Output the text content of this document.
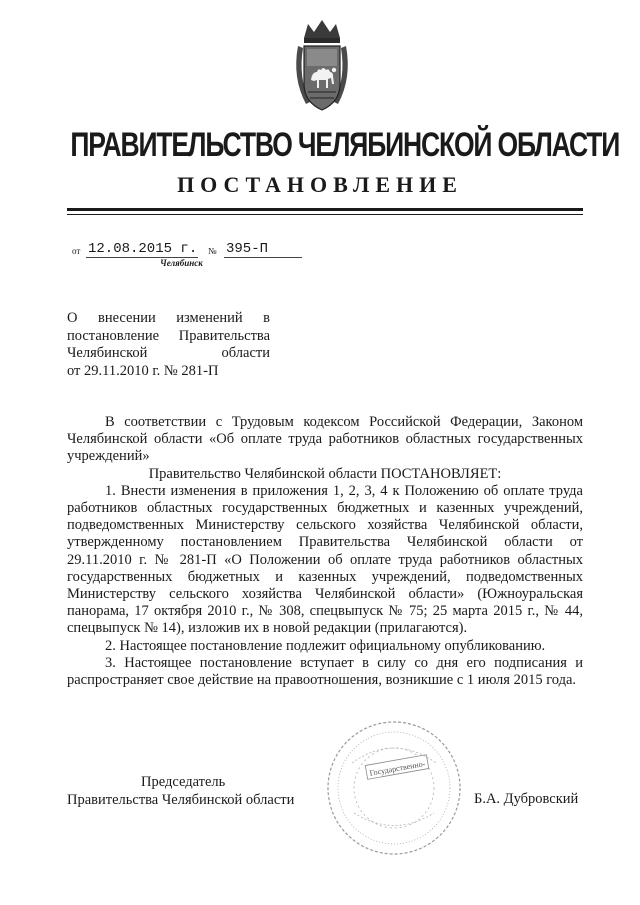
ПРАВИТЕЛЬСТВО ЧЕЛЯБИНСКОЙ ОБЛАСТИ
ПОСТАНОВЛЕНИЕ
от 12.08.2015 г. № 395-П
Челябинск
О внесении изменений в
постановление Правительства
Челябинской области
от 29.11.2010 г. № 281-П

В соответствии с Трудовым кодексом Российской Федерации, Законом Челябинской области «Об оплате труда работников областных государственных учреждений»

Правительство Челябинской области ПОСТАНОВЛЯЕТ:

1. Внести изменения в приложения 1, 2, 3, 4 к Положению об оплате труда работников областных государственных бюджетных и казенных учреждений, подведомственных Министерству сельского хозяйства Челябинской области, утвержденному постановлением Правительства Челябинской области от 29.11.2010 г. № 281-П «О Положении об оплате труда работников областных государственных бюджетных и казенных учреждений, подведомственных Министерству сельского хозяйства Челябинской области» (Южноуральская панорама, 17 октября 2010 г., № 308, спецвыпуск № 75; 25 марта 2015 г., № 44, спецвыпуск № 14), изложив их в новой редакции (прилагаются).

2. Настоящее постановление подлежит официальному опубликованию.

3. Настоящее постановление вступает в силу со дня его подписания и распространяет свое действие на правоотношения, возникшие с 1 июля 2015 года.

Государственно-
Председатель
Правительства Челябинской области	Б.А. Дубровский
